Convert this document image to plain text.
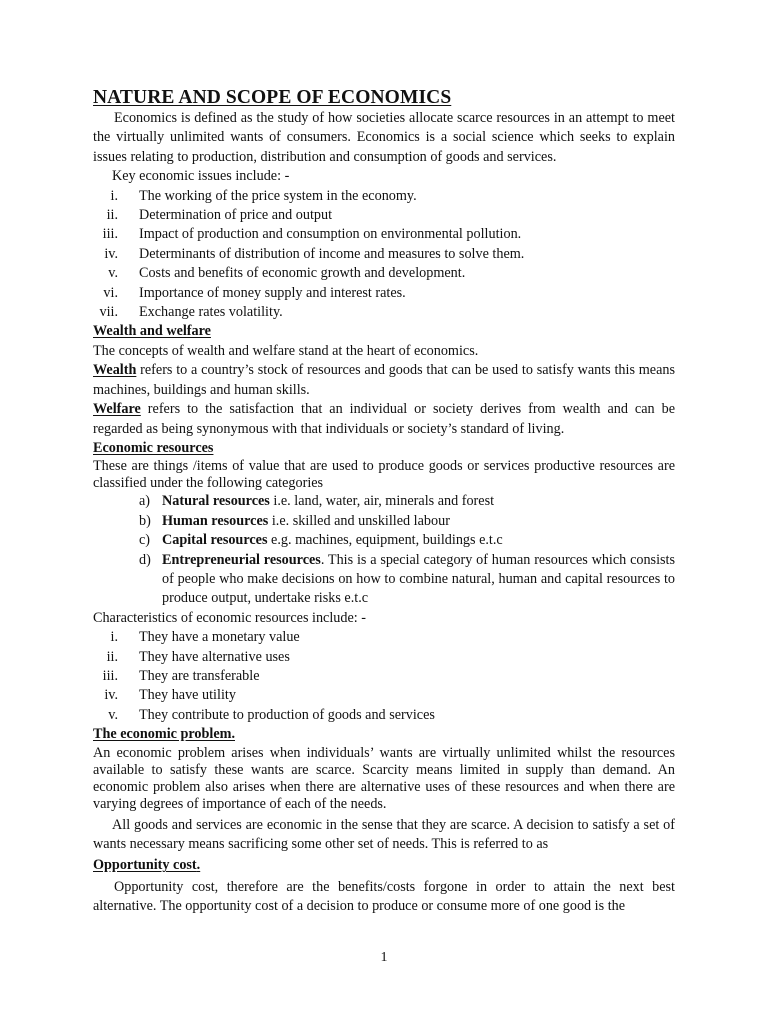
NATURE AND SCOPE OF ECONOMICS

Economics is defined as the study of how societies allocate scarce resources in an attempt to meet the virtually unlimited wants of consumers. Economics is a social science which seeks to explain issues relating to production, distribution and consumption of goods and services.

Key economic issues include: -

i. The working of the price system in the economy.
ii. Determination of price and output
iii. Impact of production and consumption on environmental pollution.
iv. Determinants of distribution of income and measures to solve them.
v. Costs and benefits of economic growth and development.
vi. Importance of money supply and interest rates.
vii. Exchange rates volatility.
Wealth and welfare

The concepts of wealth and welfare stand at the heart of economics.

Wealth refers to a country’s stock of resources and goods that can be used to satisfy wants this means machines, buildings and human skills.

Welfare refers to the satisfaction that an individual or society derives from wealth and can be regarded as being synonymous with that individuals or society’s standard of living.

Economic resources

These are things /items of value that are used to produce goods or services productive resources are classified under the following categories

a) Natural resources i.e. land, water, air, minerals and forest
b) Human resources i.e. skilled and unskilled labour
c) Capital resources e.g. machines, equipment, buildings e.t.c
d) Entrepreneurial resources. This is a special category of human resources which consists of people who make decisions on how to combine natural, human and capital resources to produce output, undertake risks e.t.c

Characteristics of economic resources include: -

i. They have a monetary value
ii. They have alternative uses
iii. They are transferable
iv. They have utility
v. They contribute to production of goods and services
The economic problem.

An economic problem arises when individuals’ wants are virtually unlimited whilst the resources available to satisfy these wants are scarce. Scarcity means limited in supply than demand. An economic problem also arises when there are alternative uses of these resources and when there are varying degrees of importance of each of the needs.

All goods and services are economic in the sense that they are scarce. A decision to satisfy a set of wants necessary means sacrificing some other set of needs. This is referred to as

Opportunity cost.

Opportunity cost, therefore are the benefits/costs forgone in order to attain the next best alternative. The opportunity cost of a decision to produce or consume more of one good is the

1
